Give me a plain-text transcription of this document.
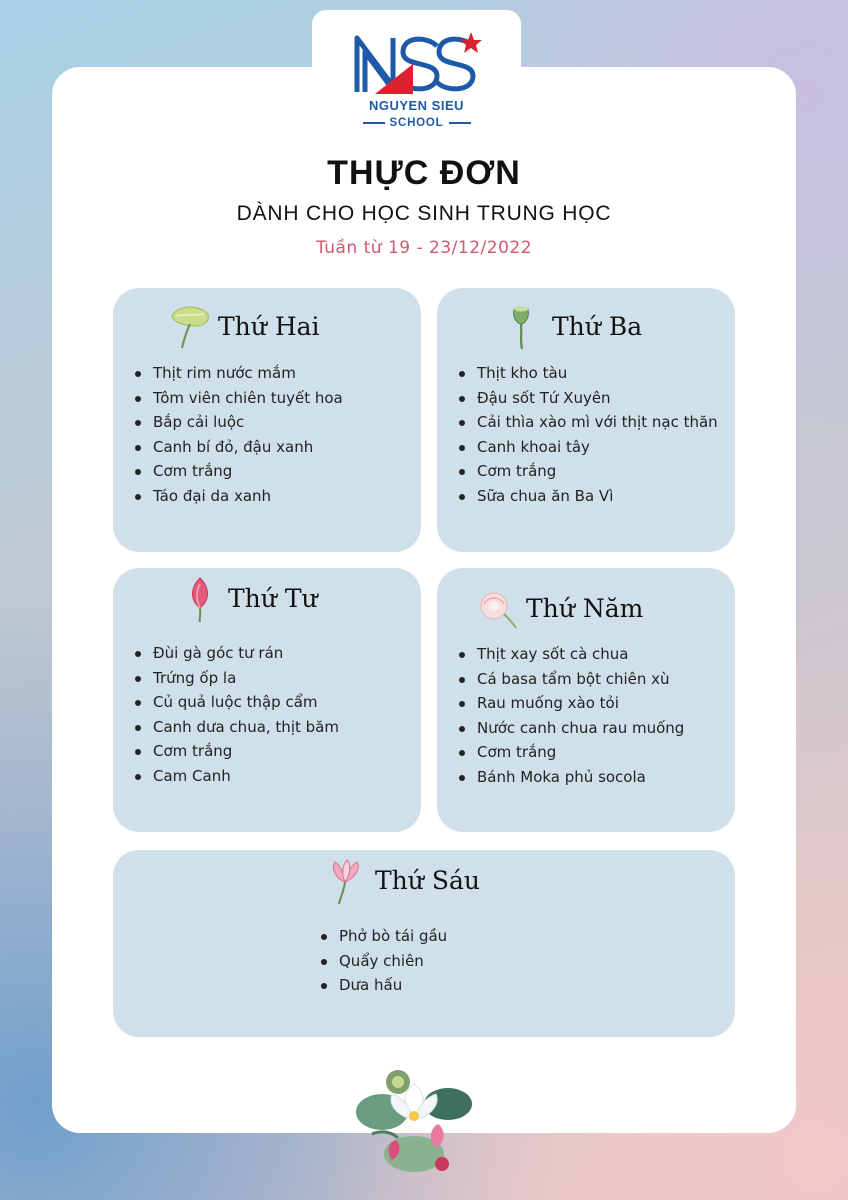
NGUYEN SIEU
SCHOOL
THỰC ĐƠN
DÀNH CHO HỌC SINH TRUNG HỌC
Tuần từ 19 - 23/12/2022
Thứ Hai
Thịt rim nước mắm
Tôm viên chiên tuyết hoa
Bắp cải luộc
Canh bí đỏ, đậu xanh
Cơm trắng
Táo đại da xanh
Thứ Ba
Thịt kho tàu
Đậu sốt Tứ Xuyên
Cải thìa xào mì với thịt nạc thăn
Canh khoai tây
Cơm trắng
Sữa chua ăn Ba Vì
Thứ Tư
Đùi gà góc tư rán
Trứng ốp la
Củ quả luộc thập cẩm
Canh dưa chua, thịt băm
Cơm trắng
Cam Canh
Thứ Năm
Thịt xay sốt cà chua
Cá basa tẩm bột chiên xù
Rau muống xào tỏi
Nước canh chua rau muống
Cơm trắng
Bánh Moka phủ socola
Thứ Sáu
Phở bò tái gầu
Quẩy chiên
Dưa hấu
